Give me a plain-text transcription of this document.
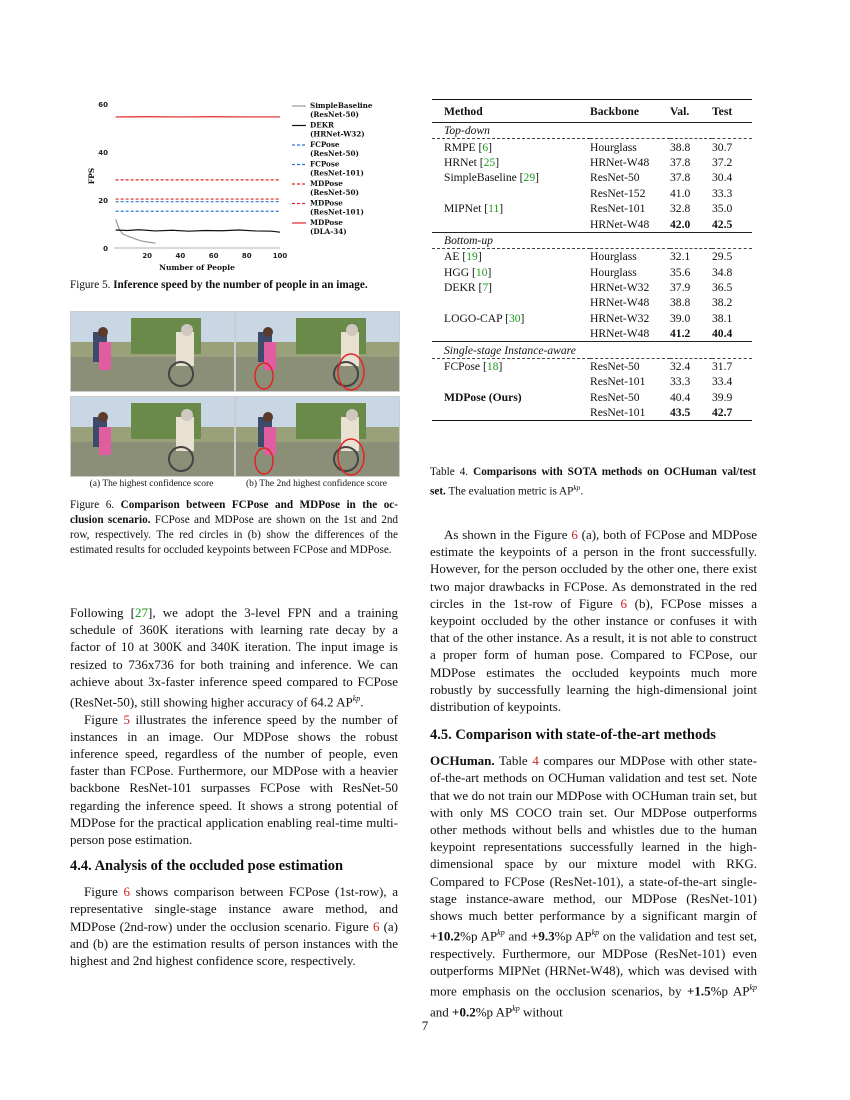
0
20
40
60
20	40	60	80	100
Number of People
FPS
SimpleBaseline
(ResNet-50)
DEKR
(HRNet-W32)
FCPose
(ResNet-50)
FCPose
(ResNet-101)
MDPose
(ResNet-50)
MDPose
(ResNet-101)
MDPose
(DLA-34)
Figure 5. Inference speed by the number of people in an image.
(a) The highest confidence score	(b) The 2nd highest confidence score
Figure 6. Comparison between FCPose and MDPose in the oc-clusion scenario. FCPose and MDPose are shown on the 1st and 2nd row, respectively. The red circles in (b) show the differences of the estimated results for occluded keypoints between FCPose and MDPose.

Following [27], we adopt the 3-level FPN and a training schedule of 360K iterations with learning rate decay by a factor of 10 at 300K and 340K iteration. The input image is resized to 736x736 for both training and inference. We can achieve about 3x-faster inference speed compared to FCPose (ResNet-50), still showing higher accuracy of 64.2 $AP^{kp}$.

Figure 5 illustrates the inference speed by the number of instances in an image. Our MDPose shows the robust inference speed, regardless of the number of people, even faster than FCPose. Furthermore, our MDPose with a heavier backbone ResNet-101 surpasses FCPose with ResNet-50 regarding the inference speed. It shows a strong potential of MDPose for the practical application enabling real-time multi-person pose estimation.

4.4. Analysis of the occluded pose estimation

Figure 6 shows comparison between FCPose (1st-row), a representative single-stage instance aware method, and MDPose (2nd-row) under the occlusion scenario. Figure 6 (a) and (b) are the estimation results of person instances with the highest and 2nd highest confidence score, respectively.

Method	Backbone	Val.	Test
Top-down			
RMPE [6]	Hourglass	38.8	30.7
HRNet [25]	HRNet-W48	37.8	37.2
SimpleBaseline [29]	ResNet-50	37.8	30.4
	ResNet-152	41.0	33.3
MIPNet [11]	ResNet-101	32.8	35.0
	HRNet-W48	42.0	42.5
Bottom-up			
AE [19]	Hourglass	32.1	29.5
HGG [10]	Hourglass	35.6	34.8
DEKR [7]	HRNet-W32	37.9	36.5
	HRNet-W48	38.8	38.2
LOGO-CAP [30]	HRNet-W32	39.0	38.1
	HRNet-W48	41.2	40.4
Single-stage Instance-aware			
FCPose [18]	ResNet-50	32.4	31.7
	ResNet-101	33.3	33.4
MDPose (Ours)	ResNet-50	40.4	39.9
	ResNet-101	43.5	42.7
Table 4. Comparisons with SOTA methods on OCHuman val/test set. The evaluation metric is $AP^{kp}$.

As shown in the Figure 6 (a), both of FCPose and MDPose estimate the keypoints of a person in the front successfully. However, for the person occluded by the other one, there exist two major drawbacks in FCPose. As demonstrated in the red circles in the 1st-row of Figure 6 (b), FCPose misses a keypoint occluded by the other instance or confuses it with that of the other instance. As a result, it is not able to construct a proper form of human pose. Compared to FCPose, our MDPose estimates the occluded keypoints much more robustly by successfully learning the high-dimensional joint distribution of keypoints.

4.5. Comparison with state-of-the-art methods

OCHuman. Table 4 compares our MDPose with other state-of-the-art methods on OCHuman validation and test set. Note that we do not train our MDPose with OCHuman train set, but with only MS COCO train set. Our MDPose outperforms other methods without bells and whistles due to the human keypoint representations successfully learned in the high-dimensional space by our mixture model with RKG. Compared to FCPose (ResNet-101), a state-of-the-art single-stage instance-aware method, our MDPose (ResNet-101) shows much better performance by a significant margin of +10.2%p $AP^{kp}$ and +9.3%p $AP^{kp}$ on the validation and test set, respectively. Furthermore, our MDPose (ResNet-101) even outperforms MIPNet (HRNet-W48), which was devised with more emphasis on the occlusion scenarios, by +1.5%p $AP^{kp}$ and +0.2%p $AP^{kp}$ without

7
